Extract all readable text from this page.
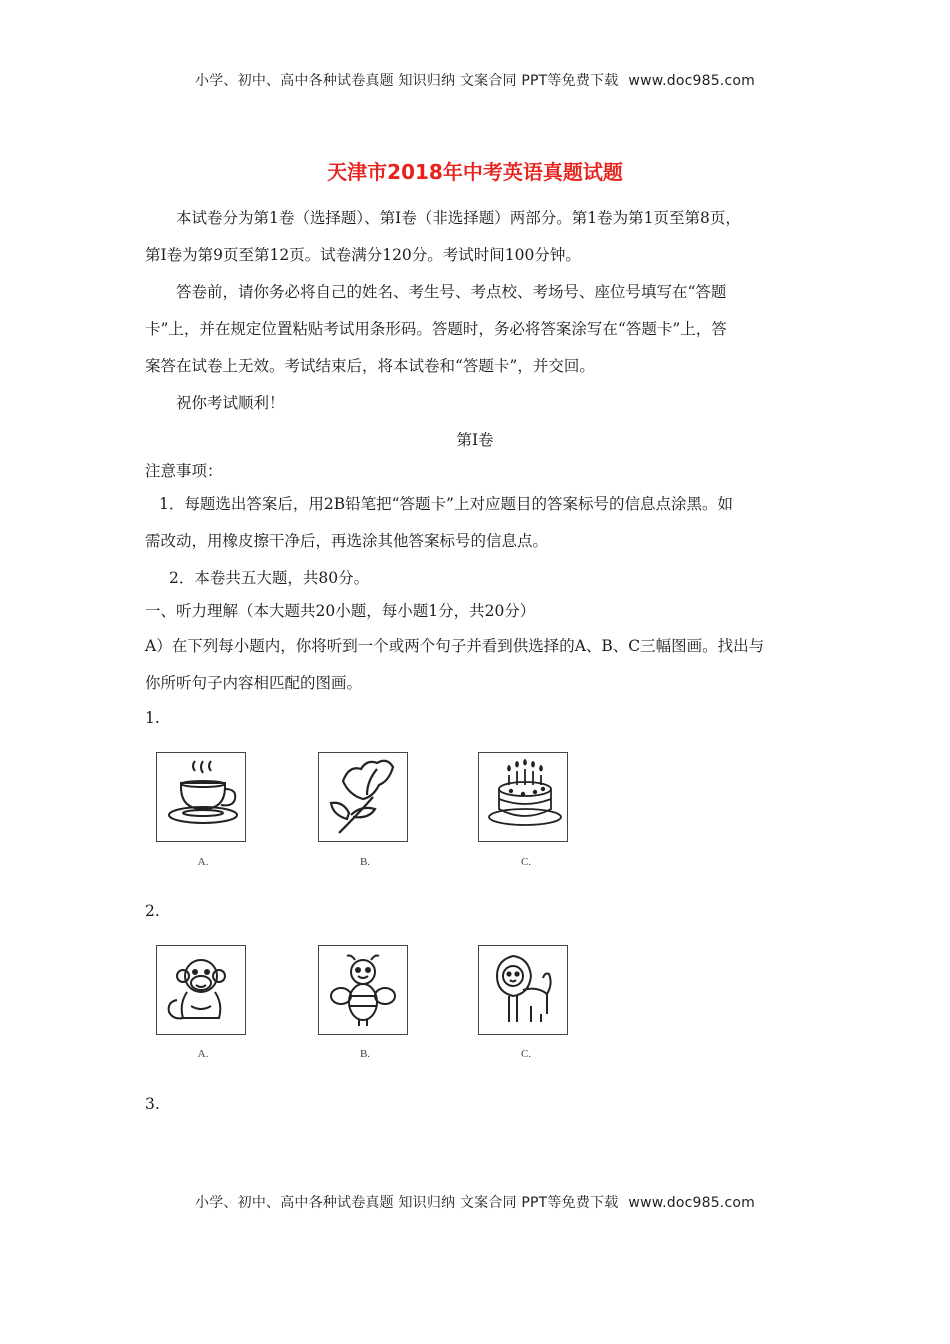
小学、初中、高中各种试卷真题 知识归纳 文案合同 PPT等免费下载 www.doc985.com
天津市2018年中考英语真题试题
本试卷分为第1卷（选择题）、第Ⅰ卷（非选择题）两部分。第1卷为第1页至第8页，
第Ⅰ卷为第9页至第12页。试卷满分120分。考试时间100分钟。
答卷前，请你务必将自己的姓名、考生号、考点校、考场号、座位号填写在“答题
卡”上，并在规定位置粘贴考试用条形码。答题时，务必将答案涂写在“答题卡”上，答
案答在试卷上无效。考试结束后，将本试卷和“答题卡”，并交回。
祝你考试顺利！
第Ⅰ卷
注意事项：
1．每题选出答案后，用2B铅笔把“答题卡”上对应题目的答案标号的信息点涂黑。如
需改动，用橡皮擦干净后，再选涂其他答案标号的信息点。
2．本卷共五大题，共80分。
一、听力理解（本大题共20小题，每小题1分，共20分）
A）在下列每小题内，你将听到一个或两个句子并看到供选择的A、B、C三幅图画。找出与
你所听句子内容相匹配的图画。
1.
A.	B.	C.
2.
A.	B.	C.
3.
小学、初中、高中各种试卷真题 知识归纳 文案合同 PPT等免费下载 www.doc985.com
